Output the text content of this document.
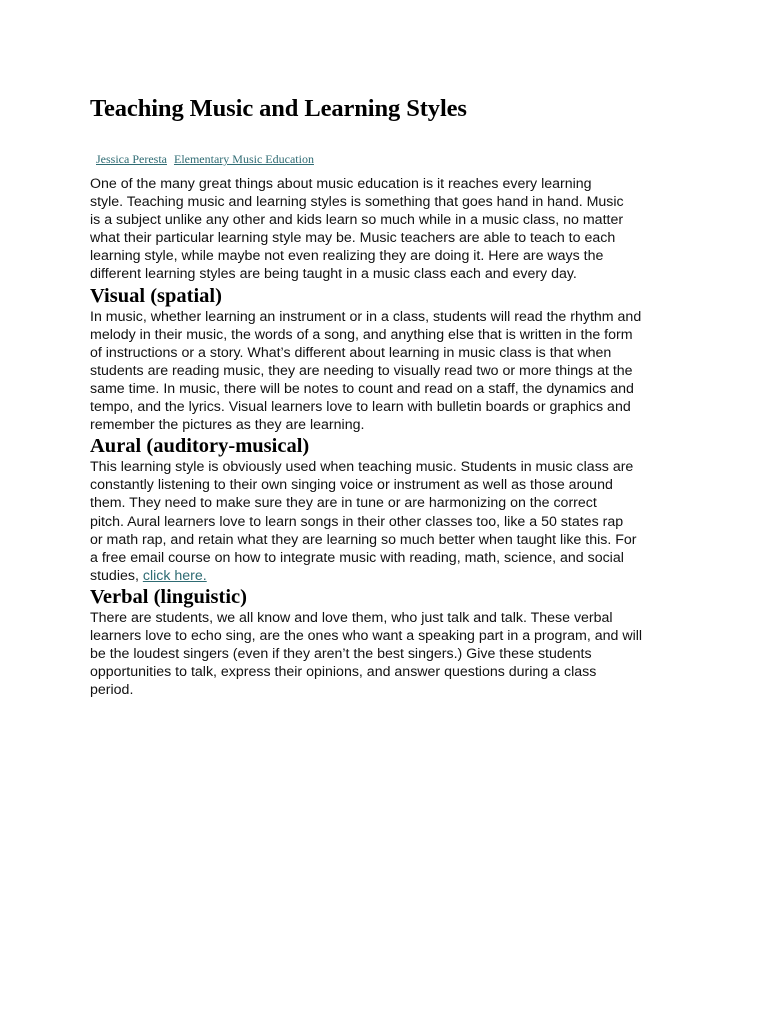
Teaching Music and Learning Styles
Jessica Peresta Elementary Music Education

One of the many great things about music education is it reaches every learning
style. Teaching music and learning styles is something that goes hand in hand. Music
is a subject unlike any other and kids learn so much while in a music class, no matter
what their particular learning style may be. Music teachers are able to teach to each
learning style, while maybe not even realizing they are doing it. Here are ways the
different learning styles are being taught in a music class each and every day.

Visual (spatial)

In music, whether learning an instrument or in a class, students will read the rhythm and
melody in their music, the words of a song, and anything else that is written in the form
of instructions or a story. What’s different about learning in music class is that when
students are reading music, they are needing to visually read two or more things at the
same time. In music, there will be notes to count and read on a staff, the dynamics and
tempo, and the lyrics. Visual learners love to learn with bulletin boards or graphics and
remember the pictures as they are learning.

Aural (auditory-musical)

This learning style is obviously used when teaching music. Students in music class are
constantly listening to their own singing voice or instrument as well as those around
them. They need to make sure they are in tune or are harmonizing on the correct
pitch. Aural learners love to learn songs in their other classes too, like a 50 states rap
or math rap, and retain what they are learning so much better when taught like this. For
a free email course on how to integrate music with reading, math, science, and social
studies, click here.

Verbal (linguistic)

There are students, we all know and love them, who just talk and talk. These verbal
learners love to echo sing, are the ones who want a speaking part in a program, and will
be the loudest singers (even if they aren’t the best singers.) Give these students
opportunities to talk, express their opinions, and answer questions during a class
period.
